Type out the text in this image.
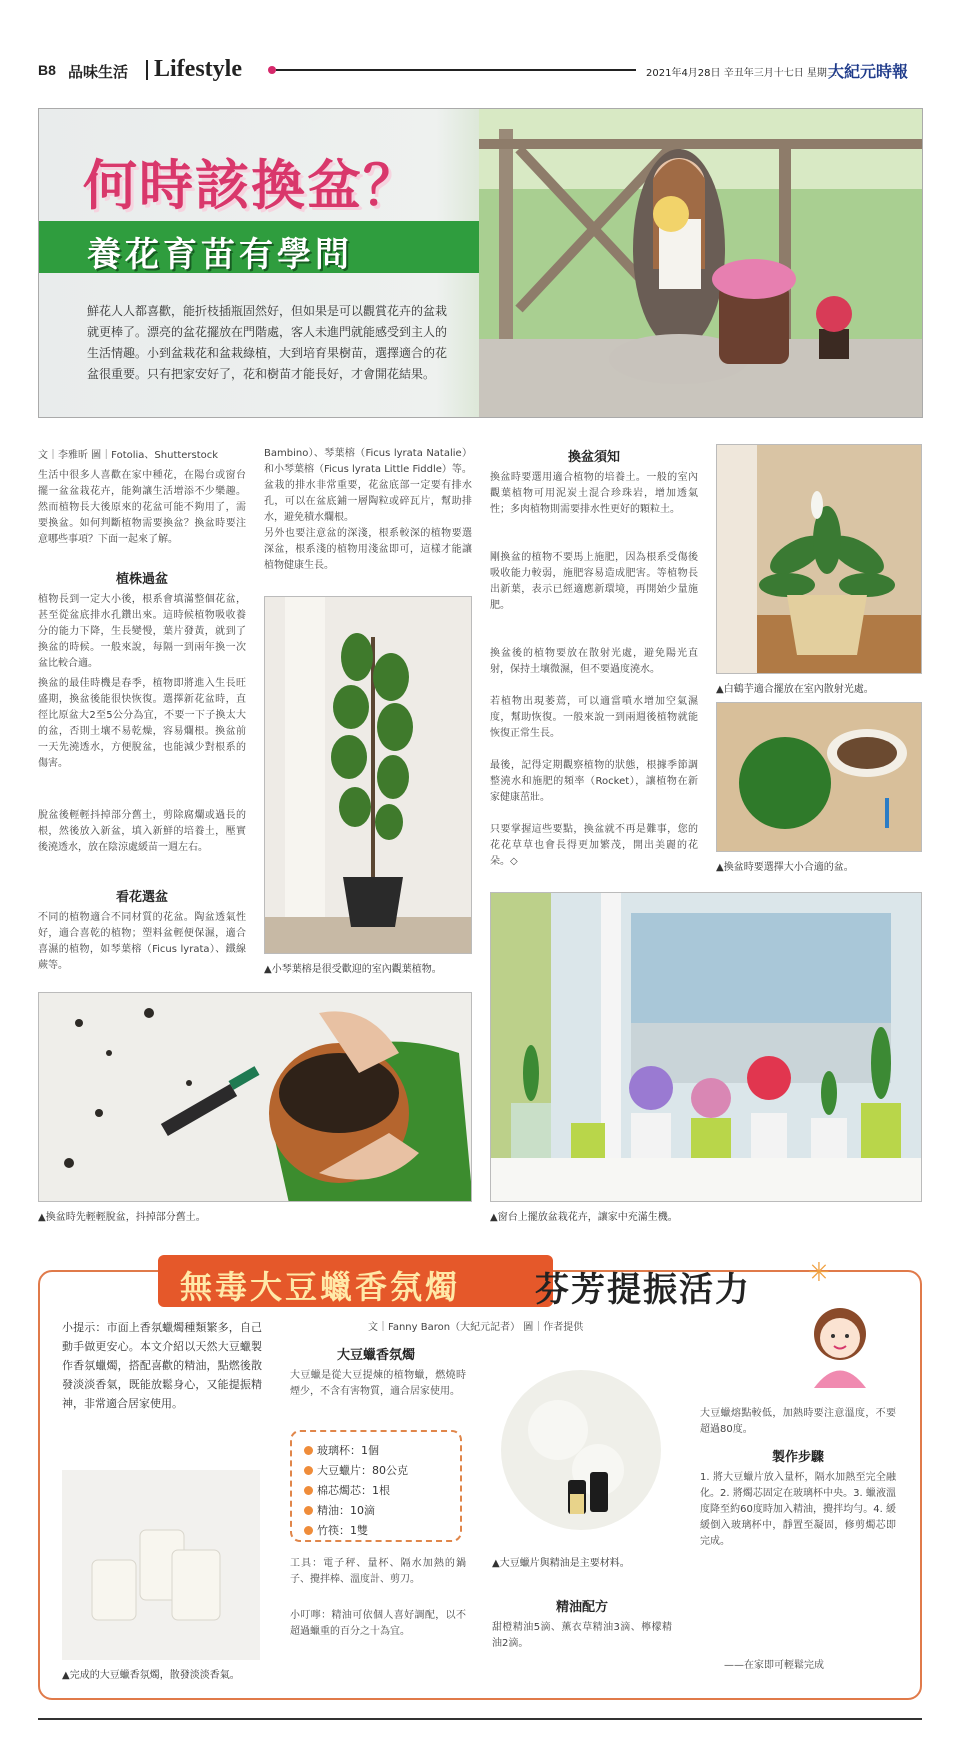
B8 品味生活 Lifestyle	2021年4月28日 辛丑年三月十七日 星期三
大紀元時報
何時該換盆？
養花育苗有學問
鮮花人人都喜歡，能折枝插瓶固然好，但如果是可以觀賞花卉的盆栽就更棒了。漂亮的盆花擺放在門階處，客人未進門就能感受到主人的生活情趣。小到盆栽花和盆栽綠植，大到培育果樹苗，選擇適合的花盆很重要。只有把家安好了，花和樹苗才能長好，才會開花結果。
文｜李雅昕 圖｜Fotolia、Shutterstock
生活中很多人喜歡在家中種花，在陽台或窗台擺一盆盆栽花卉，能夠讓生活增添不少樂趣。然而植物長大後原來的花盆可能不夠用了，需要換盆。如何判斷植物需要換盆？換盆時要注意哪些事項？下面一起來了解。
植株過盆
植物長到一定大小後，根系會填滿整個花盆，甚至從盆底排水孔鑽出來。這時候植物吸收養分的能力下降，生長變慢，葉片發黃，就到了換盆的時候。一般來說，每隔一到兩年換一次盆比較合適。
換盆的最佳時機是春季，植物即將進入生長旺盛期，換盆後能很快恢復。選擇新花盆時，直徑比原盆大2至5公分為宜，不要一下子換太大的盆，否則土壤不易乾燥，容易爛根。換盆前一天先澆透水，方便脫盆，也能減少對根系的傷害。
脫盆後輕輕抖掉部分舊土，剪除腐爛或過長的根，然後放入新盆，填入新鮮的培養土，壓實後澆透水，放在陰涼處緩苗一週左右。
看花選盆
不同的植物適合不同材質的花盆。陶盆透氣性好，適合喜乾的植物；塑料盆輕便保濕，適合喜濕的植物，如琴葉榕（Ficus lyrata）、鐵線蕨等。
Bambino）、琴葉榕（Ficus lyrata Natalie）和小琴葉榕（Ficus lyrata Little Fiddle）等。
盆栽的排水非常重要，花盆底部一定要有排水孔，可以在盆底鋪一層陶粒或碎瓦片，幫助排水，避免積水爛根。
另外也要注意盆的深淺，根系較深的植物要選深盆，根系淺的植物用淺盆即可，這樣才能讓植物健康生長。
▲小琴葉榕是很受歡迎的室內觀葉植物。
換盆須知
換盆時要選用適合植物的培養土。一般的室內觀葉植物可用泥炭土混合珍珠岩，增加透氣性；多肉植物則需要排水性更好的顆粒土。
剛換盆的植物不要馬上施肥，因為根系受傷後吸收能力較弱，施肥容易造成肥害。等植物長出新葉，表示已經適應新環境，再開始少量施肥。
換盆後的植物要放在散射光處，避免陽光直射，保持土壤微濕，但不要過度澆水。
若植物出現萎蔫，可以適當噴水增加空氣濕度，幫助恢復。一般來說一到兩週後植物就能恢復正常生長。
最後，記得定期觀察植物的狀態，根據季節調整澆水和施肥的頻率（Rocket），讓植物在新家健康茁壯。
只要掌握這些要點，換盆就不再是難事，您的花花草草也會長得更加繁茂，開出美麗的花朵。◇
▲白鶴芋適合擺放在室內散射光處。
▲換盆時要選擇大小合適的盆。
▲換盆時先輕輕脫盆，抖掉部分舊土。	▲窗台上擺放盆栽花卉，讓家中充滿生機。
無毒大豆蠟香氛燭 芬芳提振活力 ✳
小提示：市面上香氛蠟燭種類繁多，自己動手做更安心。本文介紹以天然大豆蠟製作香氛蠟燭，搭配喜歡的精油，點燃後散發淡淡香氣，既能放鬆身心，又能提振精神，非常適合居家使用。
▲完成的大豆蠟香氛燭，散發淡淡香氣。
文｜Fanny Baron（大紀元記者） 圖｜作者提供
大豆蠟香氛燭
大豆蠟是從大豆提煉的植物蠟，燃燒時煙少，不含有害物質，適合居家使用。
玻璃杯：1個
大豆蠟片：80公克
棉芯燭芯：1根
精油：10滴
竹筷：1雙
工具：電子秤、量杯、隔水加熱的鍋子、攪拌棒、溫度計、剪刀。
小叮嚀：精油可依個人喜好調配，以不超過蠟重的百分之十為宜。
▲大豆蠟片與精油是主要材料。
精油配方
甜橙精油5滴、薰衣草精油3滴、檸檬精油2滴。
大豆蠟熔點較低，加熱時要注意溫度，不要超過80度。
製作步驟
1. 將大豆蠟片放入量杯，隔水加熱至完全融化。2. 將燭芯固定在玻璃杯中央。3. 蠟液溫度降至約60度時加入精油，攪拌均勻。4. 緩緩倒入玻璃杯中，靜置至凝固，修剪燭芯即完成。
——在家即可輕鬆完成
